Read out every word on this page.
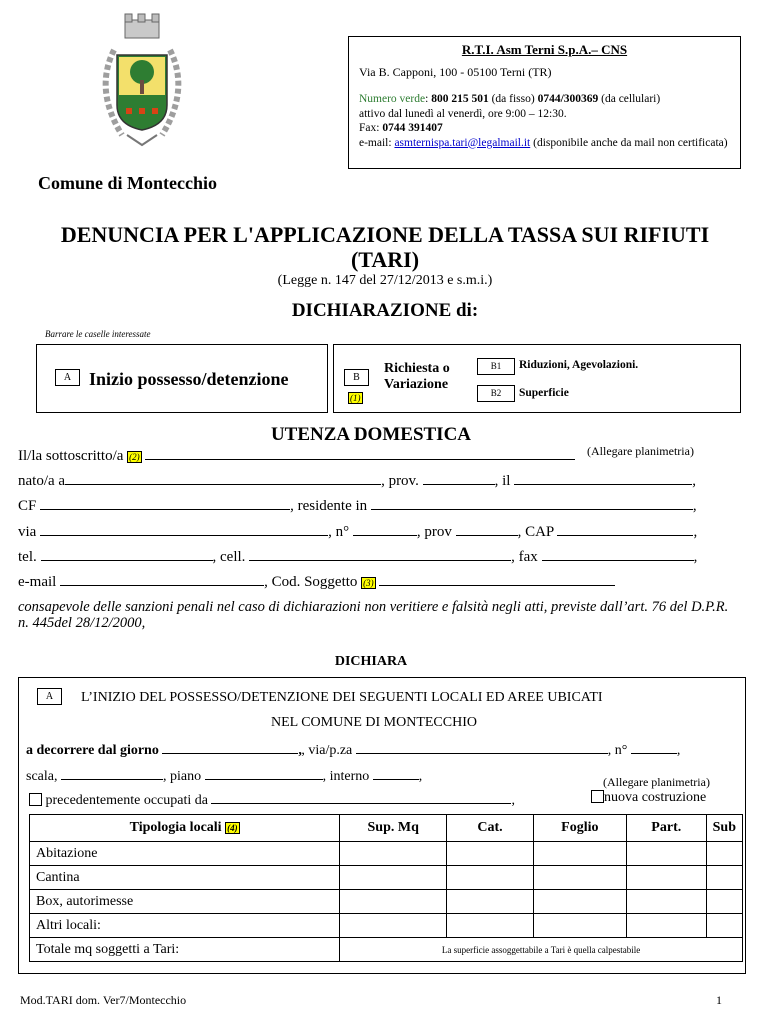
R.T.I. Asm Terni S.p.A.– CNS
Via B. Capponi, 100 - 05100 Terni (TR)
Numero verde: 800 215 501 (da fisso) 0744/300369 (da cellulari)
attivo dal lunedì al venerdì, ore 9:00 – 12:30.
Fax: 0744 391407
e-mail: asmternispa.tari@legalmail.it (disponibile anche da mail non certificata)
Comune di Montecchio
DENUNCIA PER L'APPLICAZIONE DELLA TASSA SUI RIFIUTI
(TARI)
(Legge n. 147 del 27/12/2013 e s.m.i.)
DICHIARAZIONE di:
Barrare le caselle interessate
A Inizio possesso/detenzione	B
(1)
Richiesta o
Variazione
B1	Riduzioni, Agevolazioni.
B2	Superficie
UTENZA DOMESTICA
(Allegare planimetria)
Il/la sottoscritto/a (2)
nato/a a	, prov.	, il	,
CF	, residente in	,
via	, n°	, prov	, CAP	,
tel.	, cell.	, fax	,
e-mail	, Cod. Soggetto (3)
consapevole delle sanzioni penali nel caso di dichiarazioni non veritiere e falsità negli atti, previste dall’art. 76 del D.P.R. n. 445del 28/12/2000,
DICHIARA
A	L’INIZIO DEL POSSESSO/DETENZIONE DEI SEGUENTI LOCALI ED AREE UBICATI
NEL COMUNE DI MONTECCHIO
a decorrere dal giorno	, , via/p.za	, n°	,
scala,	, piano	, interno	,	(Allegare planimetria)
precedentemente occupati da	,	nuova costruzione
Tipologia locali (4)	Sup. Mq	Cat.	Foglio	Part.	Sub
Abitazione					
Cantina					
Box, autorimesse					
Altri locali:					
Totale mq soggetti a Tari:	La superficie assoggettabile a Tari è quella calpestabile				
Mod.TARI dom. Ver7/Montecchio	1
